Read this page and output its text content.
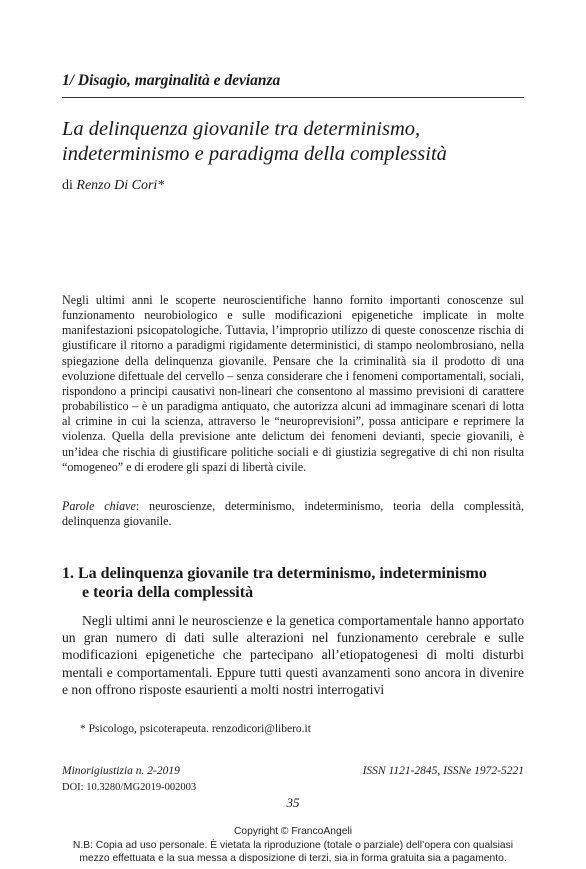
1/ Disagio, marginalità e devianza
La delinquenza giovanile tra determinismo,
indeterminismo e paradigma della complessità
di Renzo Di Cori*
Negli ultimi anni le scoperte neuroscientifiche hanno fornito importanti conoscenze sul funzionamento neurobiologico e sulle modificazioni epigenetiche implicate in molte manifestazioni psicopatologiche. Tuttavia, l’improprio utilizzo di queste conoscenze rischia di giustificare il ritorno a paradigmi rigidamente deterministici, di stampo neolombrosiano, nella spiegazione della delinquenza giovanile. Pensare che la criminalità sia il prodotto di una evoluzione difettuale del cervello – senza considerare che i fenomeni comportamentali, sociali, rispondono a principi causativi non-lineari che consentono al massimo previsioni di carattere probabilistico – è un paradigma antiquato, che autorizza alcuni ad immaginare scenari di lotta al crimine in cui la scienza, attraverso le “neuroprevisioni”, possa anticipare e reprimere la violenza. Quella della previsione ante delictum dei fenomeni devianti, specie giovanili, è un’idea che rischia di giustificare politiche sociali e di giustizia segregative di chi non risulta “omogeneo” e di erodere gli spazi di libertà civile.
Parole chiave: neuroscienze, determinismo, indeterminismo, teoria della complessità, delinquenza giovanile.
1. La delinquenza giovanile tra determinismo, indeterminismo
e teoria della complessità
Negli ultimi anni le neuroscienze e la genetica comportamentale hanno apportato un gran numero di dati sulle alterazioni nel funzionamento cerebrale e sulle modificazioni epigenetiche che partecipano all’etiopatogenesi di molti disturbi mentali e comportamentali. Eppure tutti questi avanzamenti sono ancora in divenire e non offrono risposte esaurienti a molti nostri interrogativi
* Psicologo, psicoterapeuta. renzodicori@libero.it
Minorigiustizia n. 2-2019	ISSN 1121-2845, ISSNe 1972-5221
DOI: 10.3280/MG2019-002003
35
Copyright © FrancoAngeli
N.B: Copia ad uso personale. È vietata la riproduzione (totale o parziale) dell’opera con qualsiasi
mezzo effettuata e la sua messa a disposizione di terzi, sia in forma gratuita sia a pagamento.
